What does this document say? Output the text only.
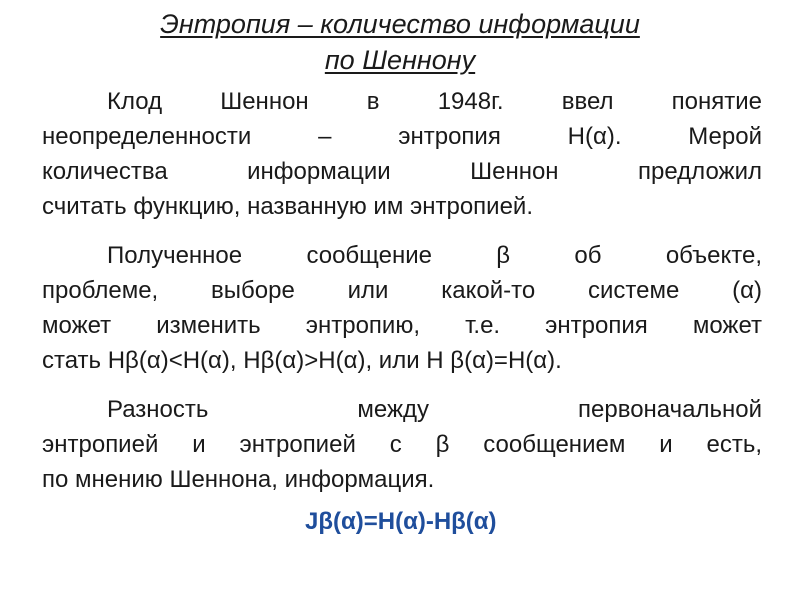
Энтропия – количество информации
по Шеннону
Клод Шеннон в 1948г. ввел понятие
неопределенности – энтропия Н(α). Мерой
количества информации Шеннон предложил
считать функцию, названную им энтропией.
Полученное сообщение β об объекте,
проблеме, выборе или какой-то системе (α)
может изменить энтропию, т.е. энтропия может
стать Нβ(α)<Н(α), Нβ(α)>Н(α), или Н β(α)=Н(α).
Разность между первоначальной
энтропией и энтропией с β сообщением и есть,
по мнению Шеннона, информация.
Jβ(α)=Н(α)-Нβ(α)
